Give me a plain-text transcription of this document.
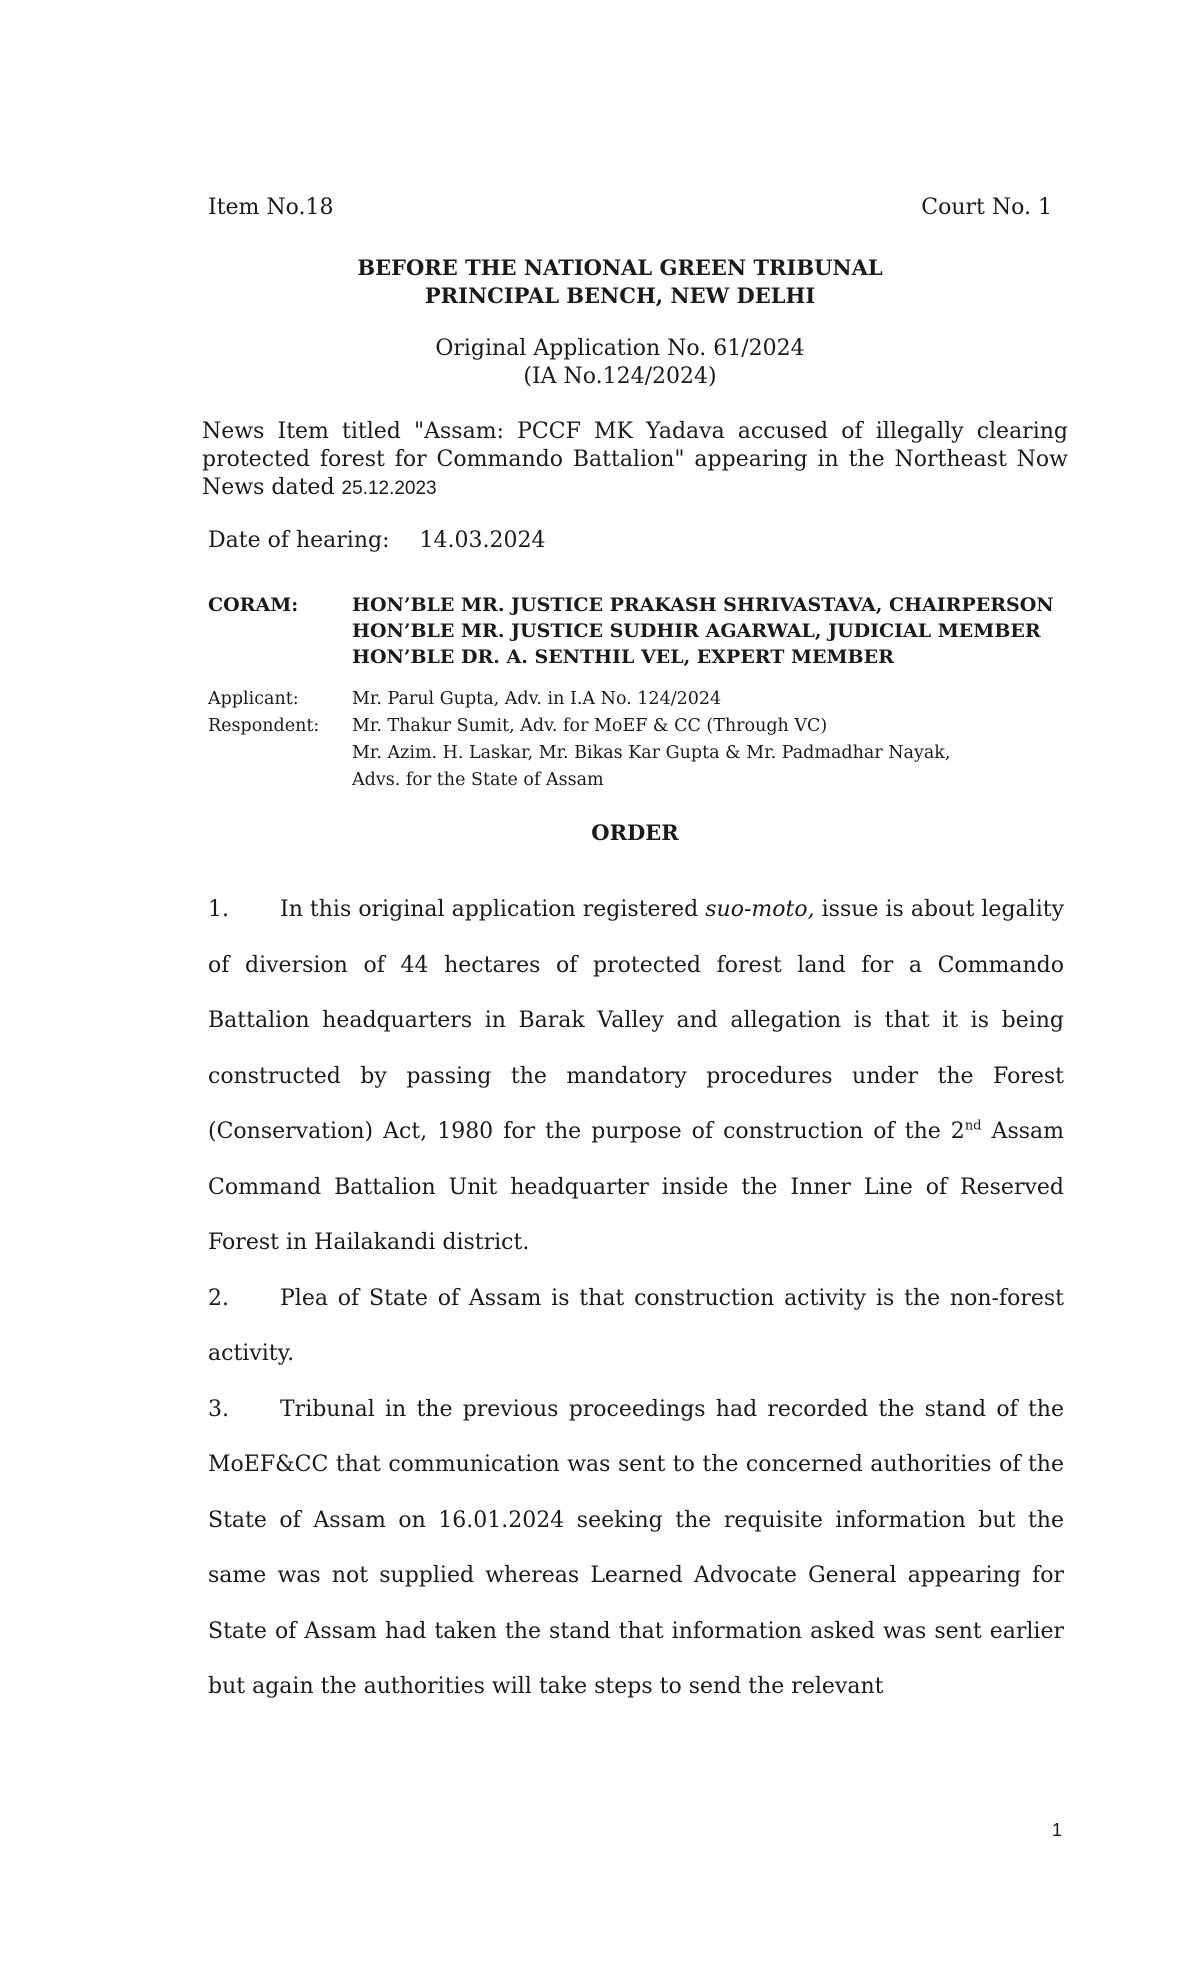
Item No.18	Court No. 1
BEFORE THE NATIONAL GREEN TRIBUNAL
PRINCIPAL BENCH, NEW DELHI
Original Application No. 61/2024
(IA No.124/2024)
News Item titled "Assam: PCCF MK Yadava accused of illegally clearing protected forest for Commando Battalion" appearing in the Northeast Now News dated 25.12.2023
Date of hearing: 14.03.2024
CORAM:	HON’BLE MR. JUSTICE PRAKASH SHRIVASTAVA, CHAIRPERSON
HON’BLE MR. JUSTICE SUDHIR AGARWAL, JUDICIAL MEMBER
HON’BLE DR. A. SENTHIL VEL, EXPERT MEMBER
Applicant:
Respondent:
Mr. Parul Gupta, Adv. in I.A No. 124/2024
Mr. Thakur Sumit, Adv. for MoEF & CC (Through VC)
Mr. Azim. H. Laskar, Mr. Bikas Kar Gupta & Mr. Padmadhar Nayak,
Advs. for the State of Assam
ORDER

1. In this original application registered suo-moto, issue is about legality of diversion of 44 hectares of protected forest land for a Commando Battalion headquarters in Barak Valley and allegation is that it is being constructed by passing the mandatory procedures under the Forest (Conservation) Act, 1980 for the purpose of construction of the 2nd Assam Command Battalion Unit headquarter inside the Inner Line of Reserved Forest in Hailakandi district.

2. Plea of State of Assam is that construction activity is the non-forest activity.

3. Tribunal in the previous proceedings had recorded the stand of the MoEF&CC that communication was sent to the concerned authorities of the State of Assam on 16.01.2024 seeking the requisite information but the same was not supplied whereas Learned Advocate General appearing for State of Assam had taken the stand that information asked was sent earlier but again the authorities will take steps to send the relevant

1
